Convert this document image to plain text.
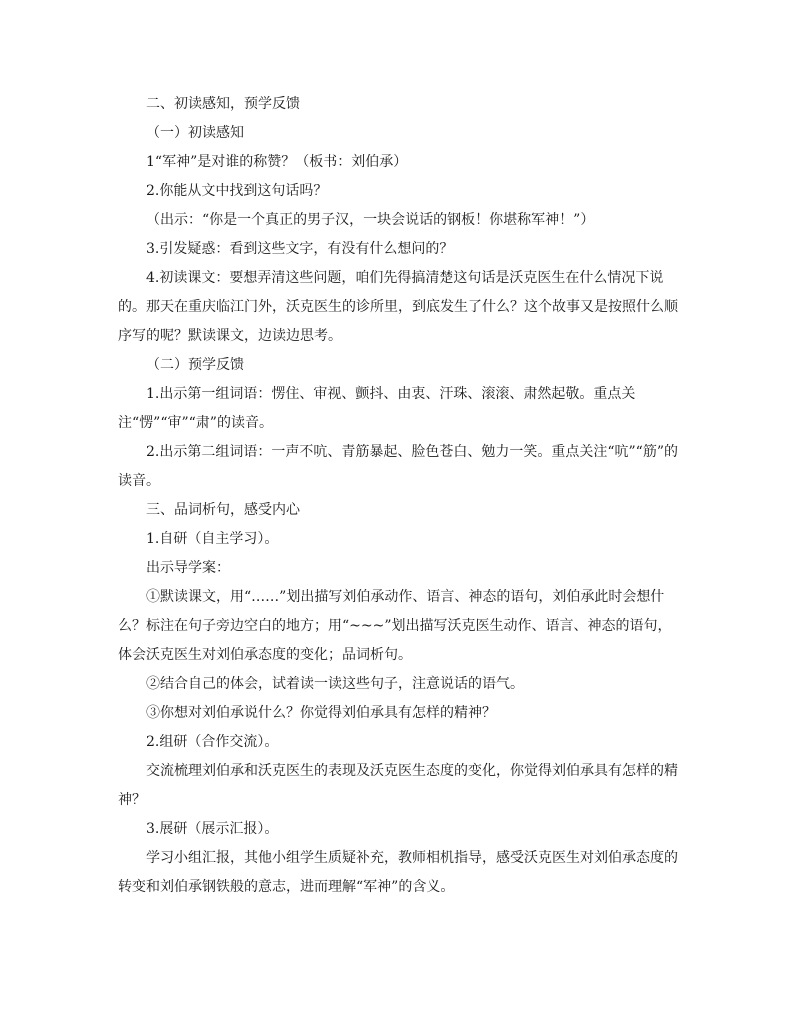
二、初读感知，预学反馈

（一）初读感知

1“军神”是对谁的称赞？（板书：刘伯承）

2.你能从文中找到这句话吗？

（出示：“你是一个真正的男子汉，一块会说话的钢板！你堪称军神！”）

3.引发疑惑：看到这些文字，有没有什么想问的？

4.初读课文：要想弄清这些问题，咱们先得搞清楚这句话是沃克医生在什么情况下说的。那天在重庆临江门外，沃克医生的诊所里，到底发生了什么？这个故事又是按照什么顺序写的呢？默读课文，边读边思考。

（二）预学反馈

1.出示第一组词语：愣住、审视、颤抖、由衷、汗珠、滚滚、肃然起敬。重点关注“愣”“审”“肃”的读音。

2.出示第二组词语：一声不吭、青筋暴起、脸色苍白、勉力一笑。重点关注“吭”“筋”的读音。

三、品词析句，感受内心

1.自研（自主学习）。

出示导学案：

①默读课文，用“……”划出描写刘伯承动作、语言、神态的语句，刘伯承此时会想什么？标注在句子旁边空白的地方；用“~~~”划出描写沃克医生动作、语言、神态的语句，体会沃克医生对刘伯承态度的变化；品词析句。

②结合自己的体会，试着读一读这些句子，注意说话的语气。

③你想对刘伯承说什么？你觉得刘伯承具有怎样的精神？

2.组研（合作交流）。

交流梳理刘伯承和沃克医生的表现及沃克医生态度的变化，你觉得刘伯承具有怎样的精神？

3.展研（展示汇报）。

学习小组汇报，其他小组学生质疑补充，教师相机指导，感受沃克医生对刘伯承态度的转变和刘伯承钢铁般的意志，进而理解“军神”的含义。
